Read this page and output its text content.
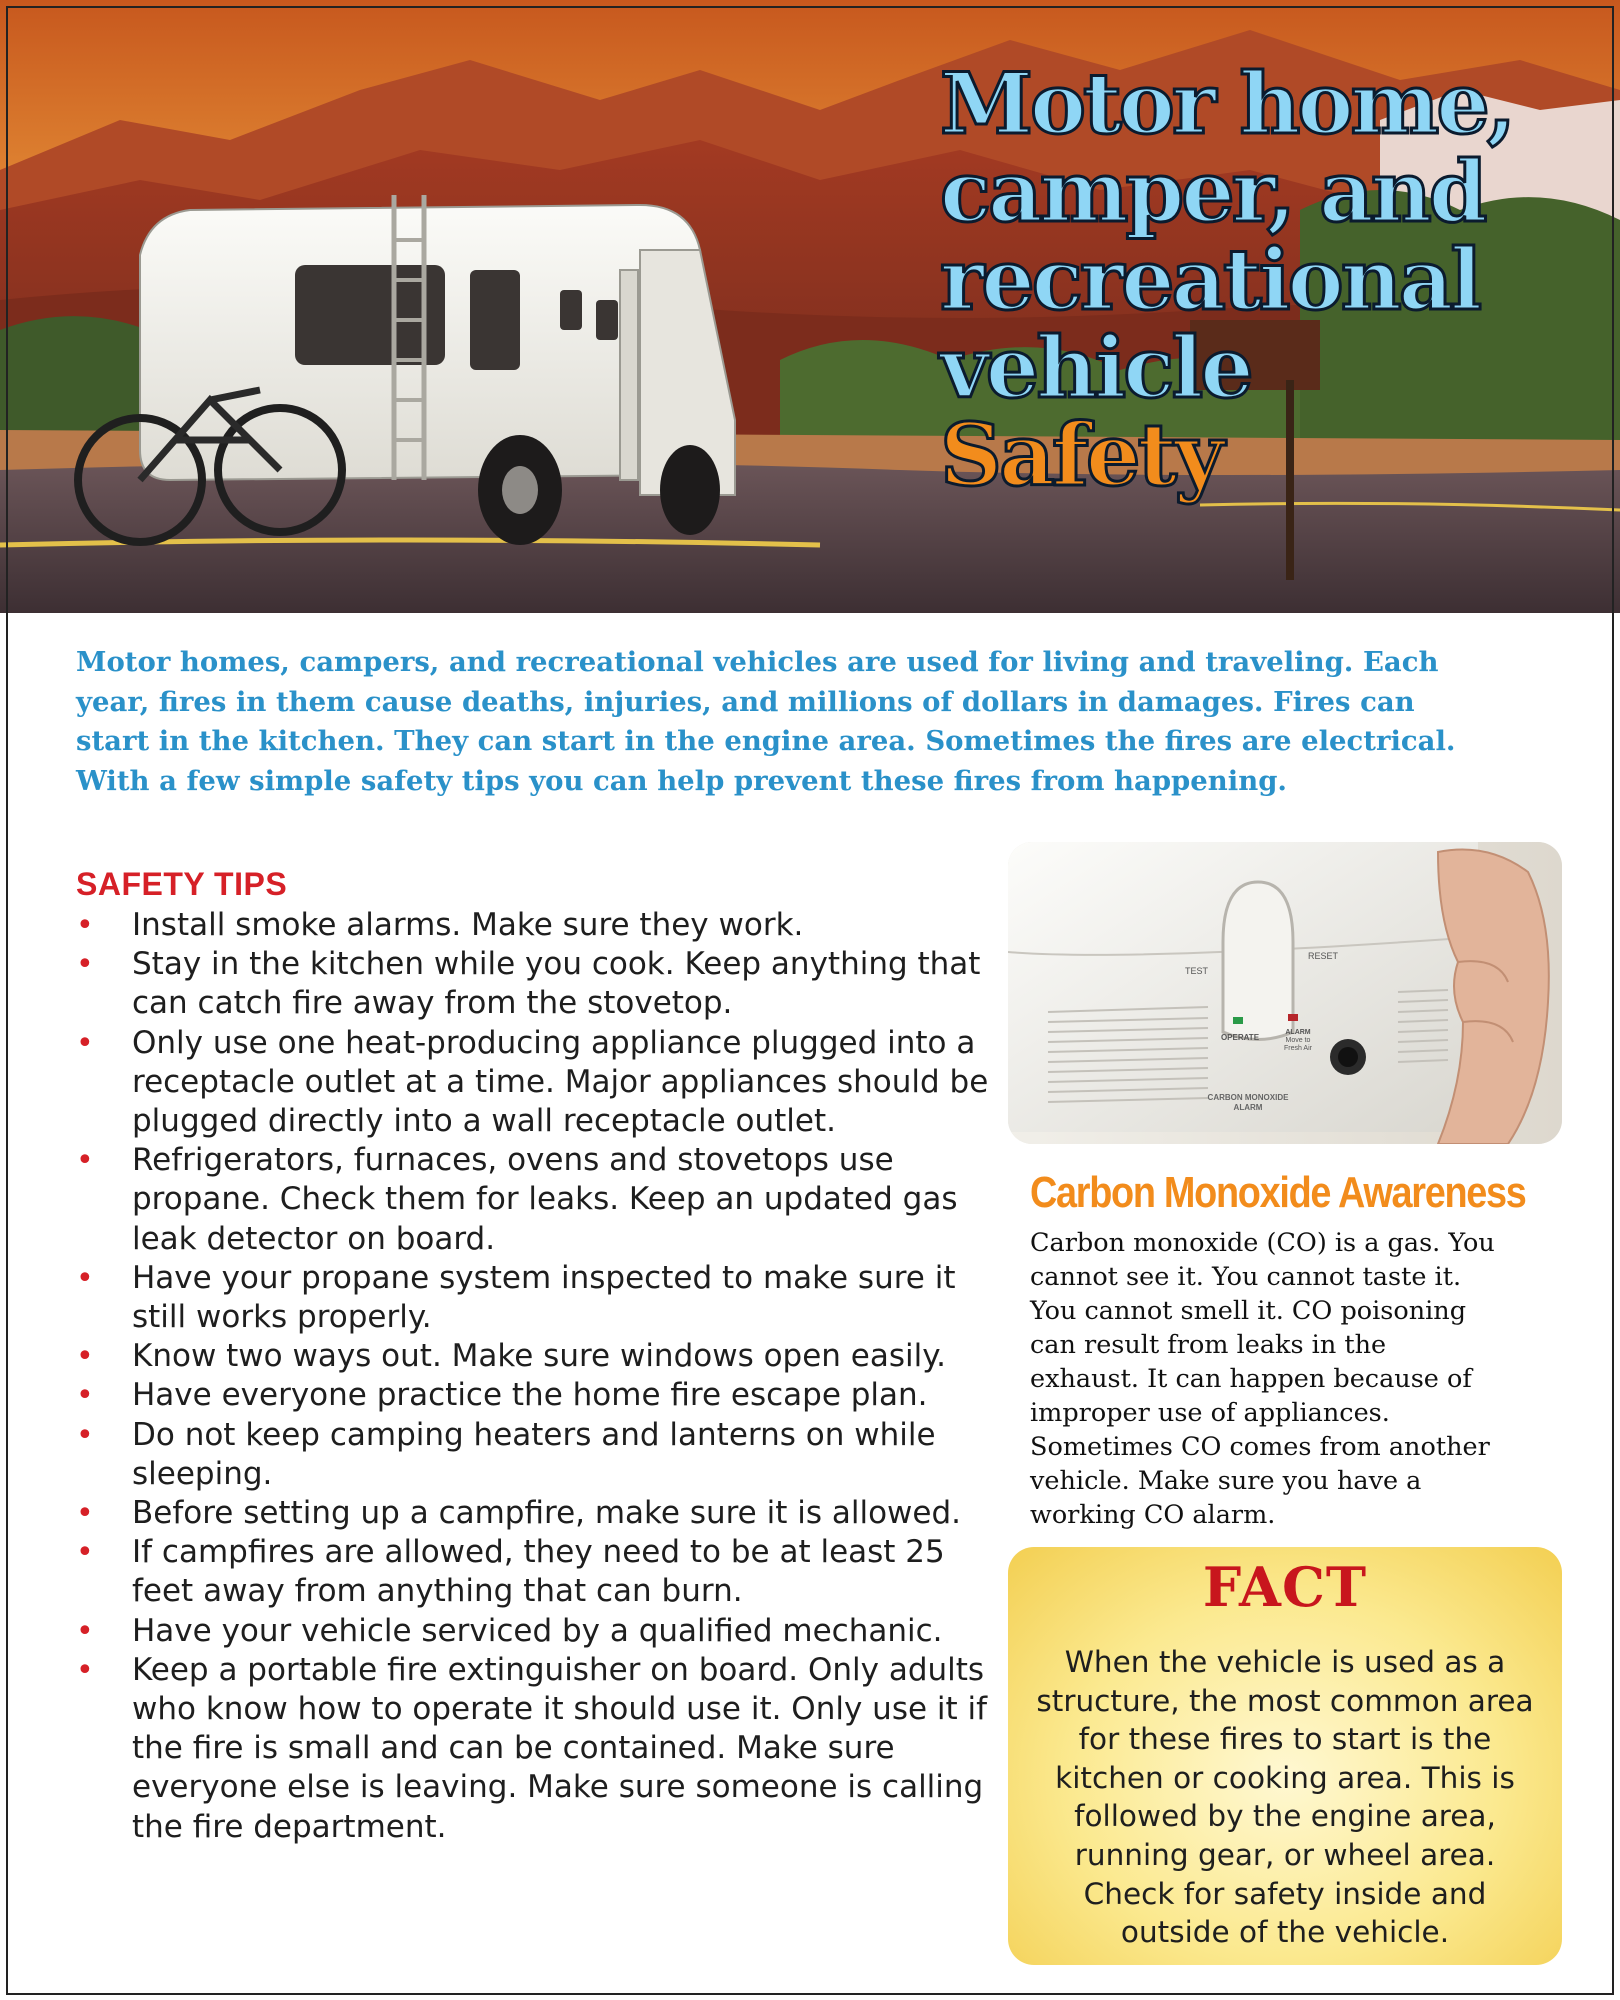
Motor home,
camper, and
recreational
vehicle
Safety

Motor homes, campers, and recreational vehicles are used for living and traveling. Each year, fires in them cause deaths, injuries, and millions of dollars in damages. Fires can start in the kitchen. They can start in the engine area. Sometimes the fires are electrical. With a few simple safety tips you can help prevent these fires from happening.

SAFETY TIPS
• Install smoke alarms. Make sure they work.
• Stay in the kitchen while you cook. Keep anything that can catch fire away from the stovetop.
• Only use one heat-producing appliance plugged into a receptacle outlet at a time. Major appliances should be plugged directly into a wall receptacle outlet.
• Refrigerators, furnaces, ovens and stovetops use propane. Check them for leaks. Keep an updated gas leak detector on board.
• Have your propane system inspected to make sure it still works properly.
• Know two ways out. Make sure windows open easily.
• Have everyone practice the home fire escape plan.
• Do not keep camping heaters and lanterns on while sleeping.
• Before setting up a campfire, make sure it is allowed.
• If campfires are allowed, they need to be at least 25 feet away from anything that can burn.
• Have your vehicle serviced by a qualified mechanic.
• Keep a portable fire extinguisher on board. Only adults who know how to operate it should use it. Only use it if the fire is small and can be contained. Make sure everyone else is leaving. Make sure someone is calling the fire department.
TEST
RESET
OPERATE
ALARM
Move to
Fresh Air
CARBON MONOXIDE
ALARM
Carbon Monoxide Awareness

Carbon monoxide (CO) is a gas. You cannot see it. You cannot taste it. You cannot smell it. CO poisoning can result from leaks in the exhaust. It can happen because of improper use of appliances. Sometimes CO comes from another vehicle. Make sure you have a working CO alarm.

FACT

When the vehicle is used as a structure, the most common area for these fires to start is the kitchen or cooking area. This is followed by the engine area, running gear, or wheel area. Check for safety inside and outside of the vehicle.
